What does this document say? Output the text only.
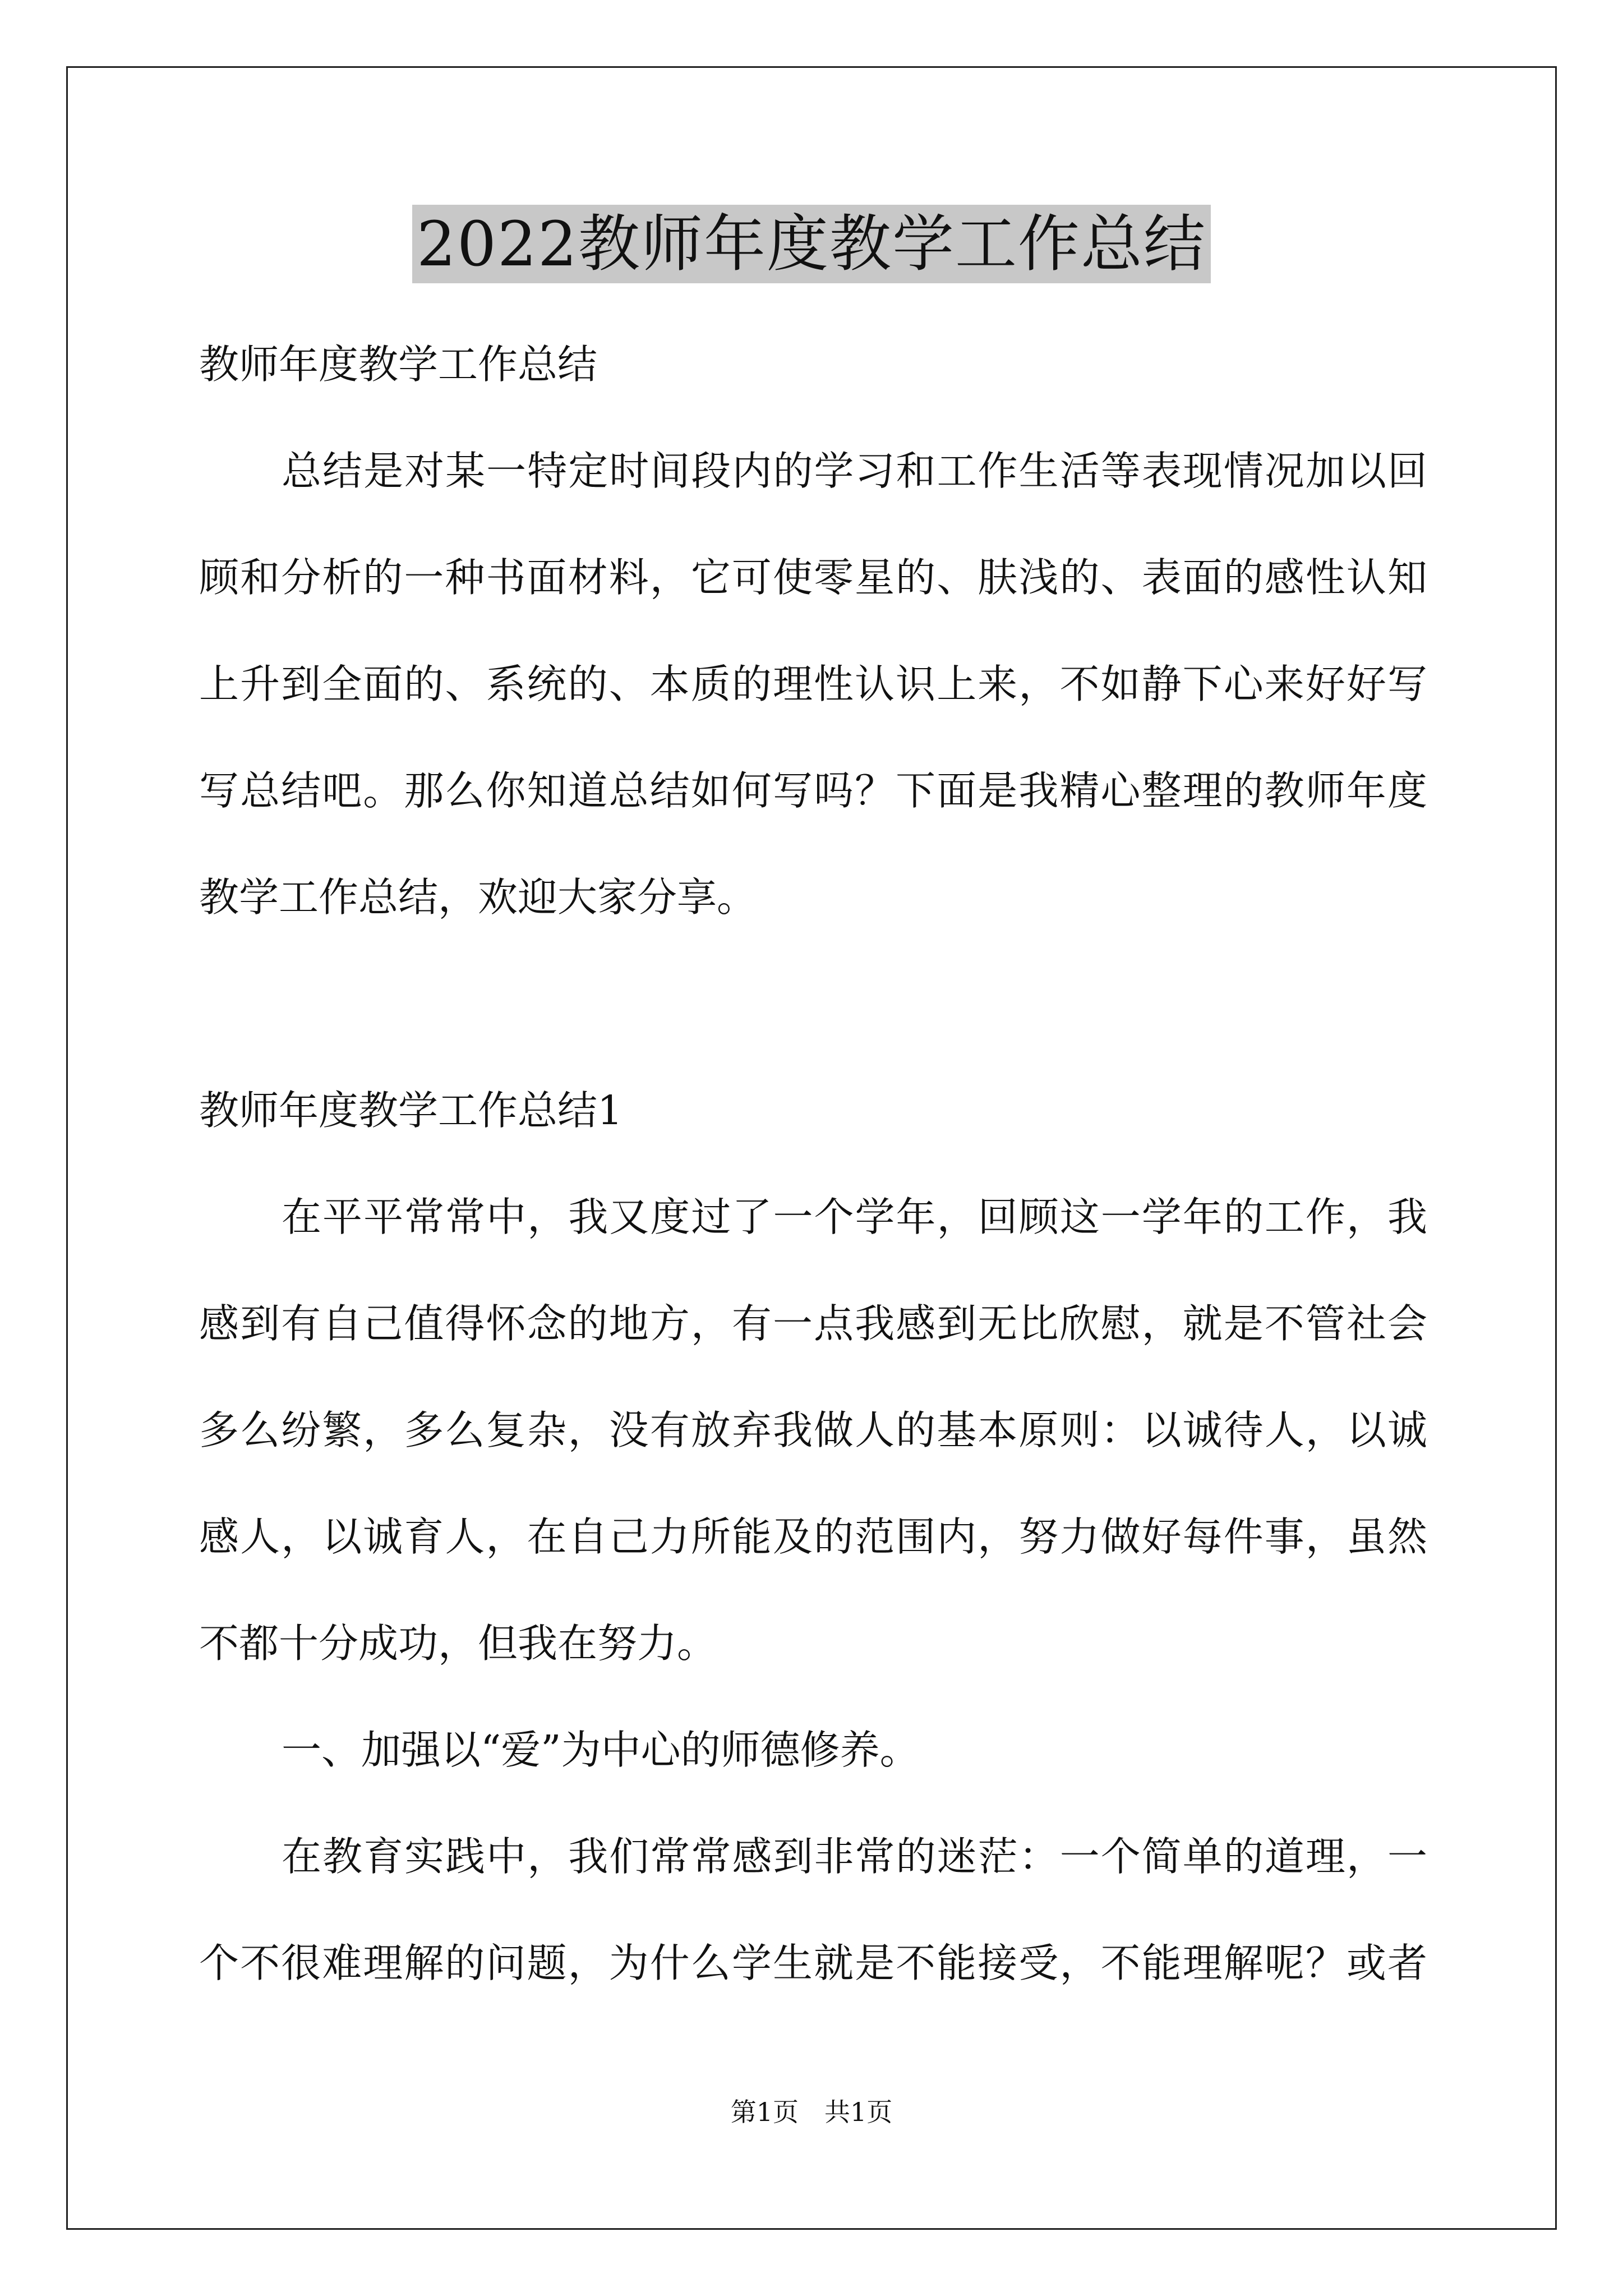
2022教师年度教学工作总结
教师年度教学工作总结
总结是对某一特定时间段内的学习和工作生活等表现情况加以回
顾和分析的一种书面材料，它可使零星的、肤浅的、表面的感性认知
上升到全面的、系统的、本质的理性认识上来，不如静下心来好好写
写总结吧。那么你知道总结如何写吗？下面是我精心整理的教师年度
教学工作总结，欢迎大家分享。
教师年度教学工作总结1
在平平常常中，我又度过了一个学年，回顾这一学年的工作，我
感到有自己值得怀念的地方，有一点我感到无比欣慰，就是不管社会
多么纷繁，多么复杂，没有放弃我做人的基本原则：以诚待人，以诚
感人，以诚育人，在自己力所能及的范围内，努力做好每件事，虽然
不都十分成功，但我在努力。
一、加强以“爱”为中心的师德修养。
在教育实践中，我们常常感到非常的迷茫：一个简单的道理，一
个不很难理解的问题，为什么学生就是不能接受，不能理解呢？或者
第1页　共1页
